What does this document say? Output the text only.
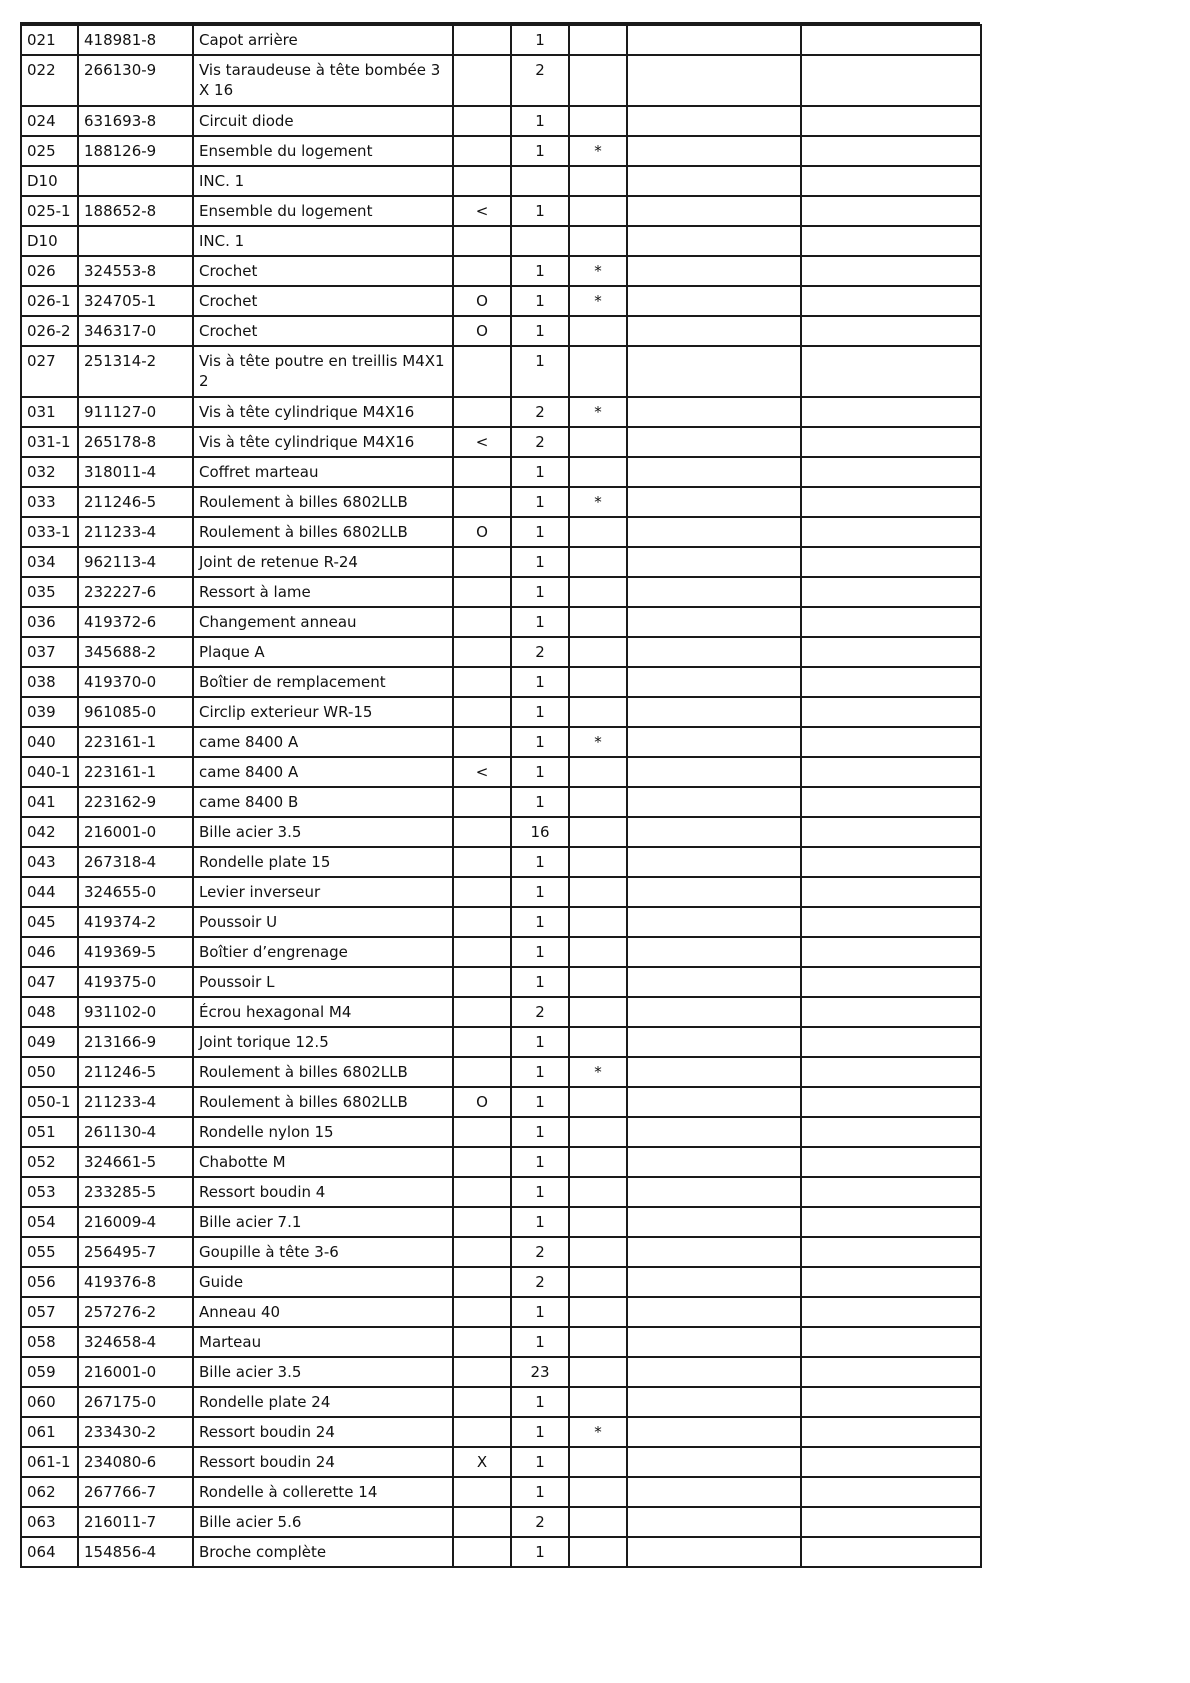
021	418981-8	Capot arrière		1			
022	266130-9	Vis taraudeuse à tête bombée 3X 16		2			
024	631693-8	Circuit diode		1			
025	188126-9	Ensemble du logement		1	*		
D10		INC. 1					
025-1	188652-8	Ensemble du logement	<	1			
D10		INC. 1					
026	324553-8	Crochet		1	*		
026-1	324705-1	Crochet	O	1	*		
026-2	346317-0	Crochet	O	1			
027	251314-2	Vis à tête poutre en treillis M4X1 2		1			
031	911127-0	Vis à tête cylindrique M4X16		2	*		
031-1	265178-8	Vis à tête cylindrique M4X16	<	2			
032	318011-4	Coffret marteau		1			
033	211246-5	Roulement à billes 6802LLB		1	*		
033-1	211233-4	Roulement à billes 6802LLB	O	1			
034	962113-4	Joint de retenue R-24		1			
035	232227-6	Ressort à lame		1			
036	419372-6	Changement anneau		1			
037	345688-2	Plaque A		2			
038	419370-0	Boîtier de remplacement		1			
039	961085-0	Circlip exterieur WR-15		1			
040	223161-1	came 8400 A		1	*		
040-1	223161-1	came 8400 A	<	1			
041	223162-9	came 8400 B		1			
042	216001-0	Bille acier 3.5		16			
043	267318-4	Rondelle plate 15		1			
044	324655-0	Levier inverseur		1			
045	419374-2	Poussoir U		1			
046	419369-5	Boîtier d’engrenage		1			
047	419375-0	Poussoir L		1			
048	931102-0	Écrou hexagonal M4		2			
049	213166-9	Joint torique 12.5		1			
050	211246-5	Roulement à billes 6802LLB		1	*		
050-1	211233-4	Roulement à billes 6802LLB	O	1			
051	261130-4	Rondelle nylon 15		1			
052	324661-5	Chabotte M		1			
053	233285-5	Ressort boudin 4		1			
054	216009-4	Bille acier 7.1		1			
055	256495-7	Goupille à tête 3-6		2			
056	419376-8	Guide		2			
057	257276-2	Anneau 40		1			
058	324658-4	Marteau		1			
059	216001-0	Bille acier 3.5		23			
060	267175-0	Rondelle plate 24		1			
061	233430-2	Ressort boudin 24		1	*		
061-1	234080-6	Ressort boudin 24	X	1			
062	267766-7	Rondelle à collerette 14		1			
063	216011-7	Bille acier 5.6		2			
064	154856-4	Broche complète		1			
